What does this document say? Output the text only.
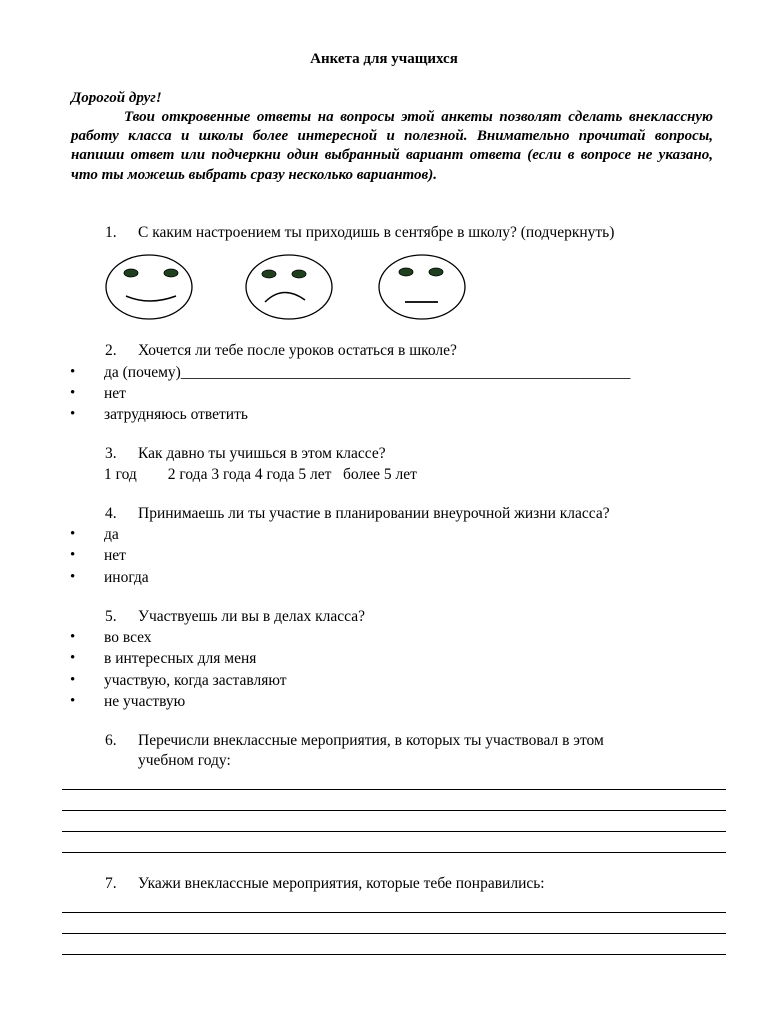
Анкета для учащихся
Дорогой друг!
Твои откровенные ответы на вопросы этой анкеты позволят сделать внеклассную работу класса и школы более интересной и полезной. Внимательно прочитай вопросы, напиши ответ или подчеркни один выбранный вариант ответа (если в вопросе не указано, что ты можешь выбрать сразу несколько вариантов).
1. С каким настроением ты приходишь в сентябре в школу? (подчеркнуть)
2. Хочется ли тебе после уроков остаться в школе?
• да (почему)__________________________________________________________
• нет
• затрудняюсь ответить
3. Как давно ты учишься в этом классе?
1 год        2 года 3 года 4 года 5 лет   более 5 лет
4. Принимаешь ли ты участие в планировании внеурочной жизни класса?
• да
• нет
• иногда
5. Участвуешь ли вы в делах класса?
• во всех
• в интересных для меня
• участвую, когда заставляют
• не участвую
6. Перечисли внеклассные мероприятия, в которых ты участвовал в этом
учебном году:
7. Укажи внеклассные мероприятия, которые тебе понравились:
